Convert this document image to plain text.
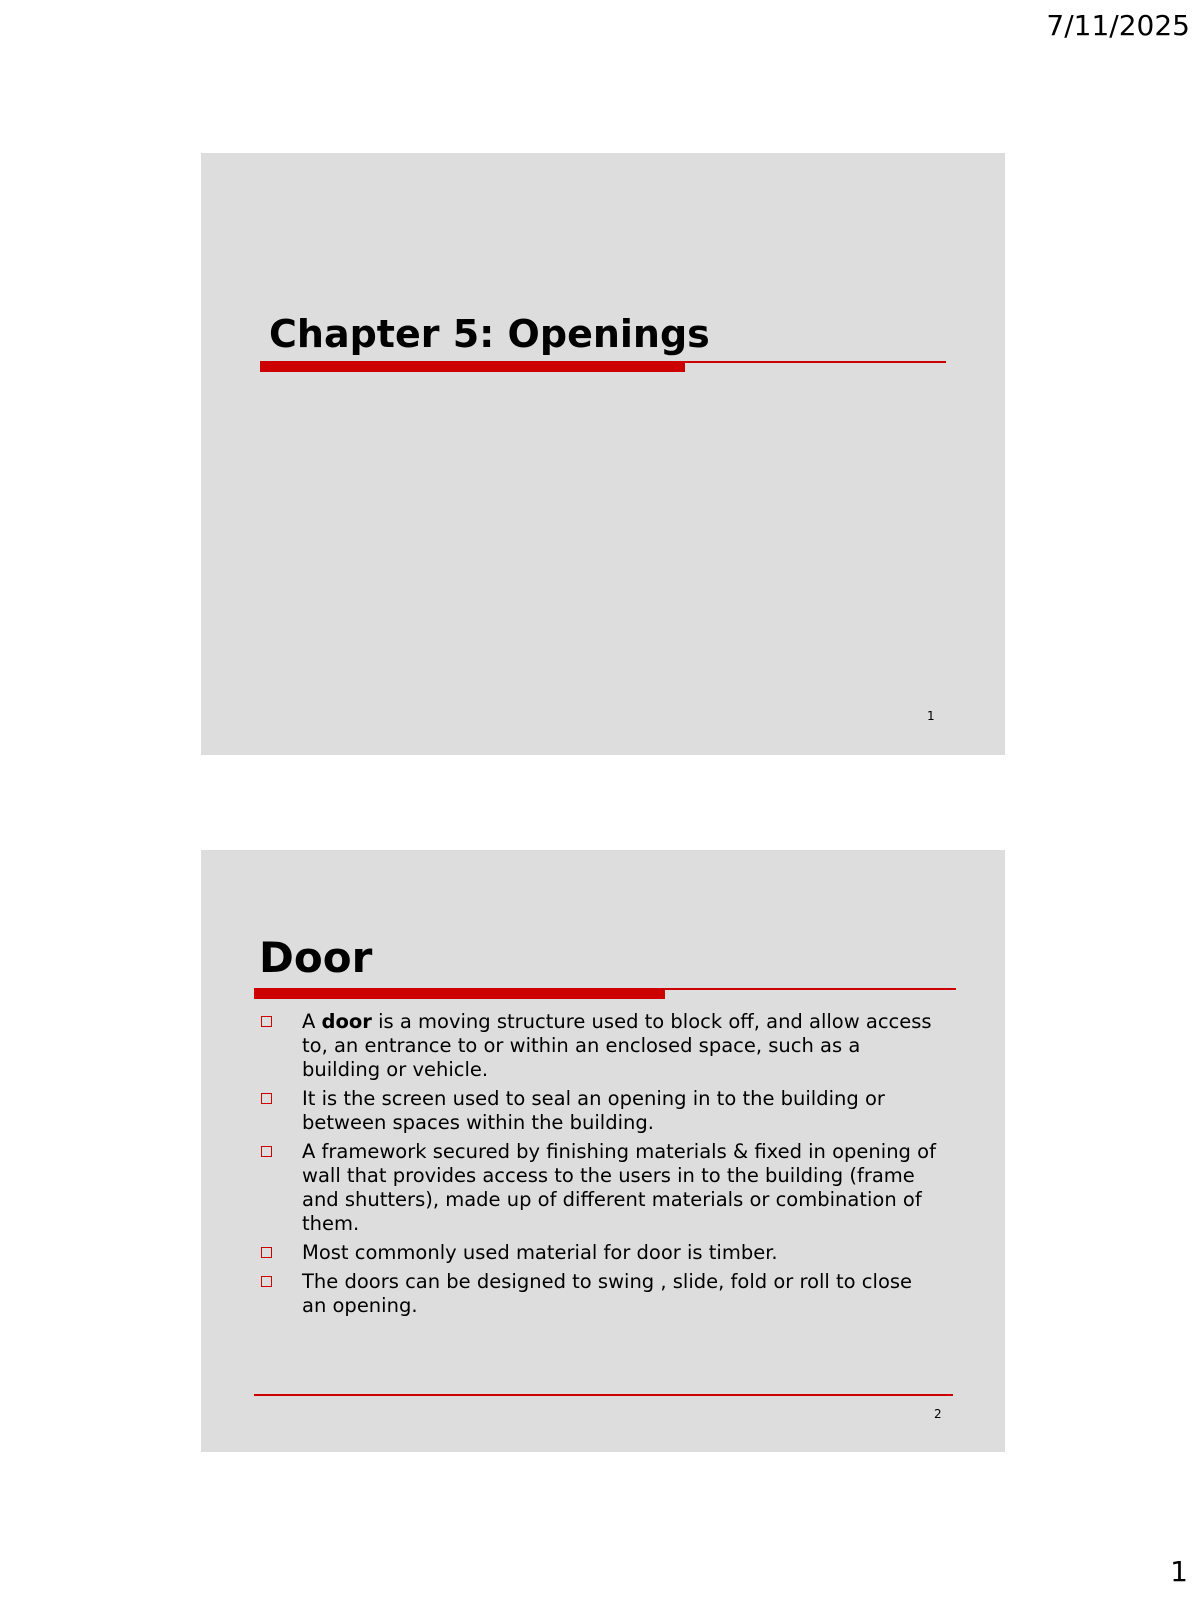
7/11/2025
Chapter 5: Openings
1
Door
A door is a moving structure used to block off, and allow access to, an entrance to or within an enclosed space, such as a building or vehicle.
It is the screen used to seal an opening in to the building or between spaces within the building.
A framework secured by finishing materials & fixed in opening of wall that provides access to the users in to the building (frame and shutters), made up of different materials or combination of them.
Most commonly used material for door is timber.
The doors can be designed to swing , slide, fold or roll to close an opening.
2
1
